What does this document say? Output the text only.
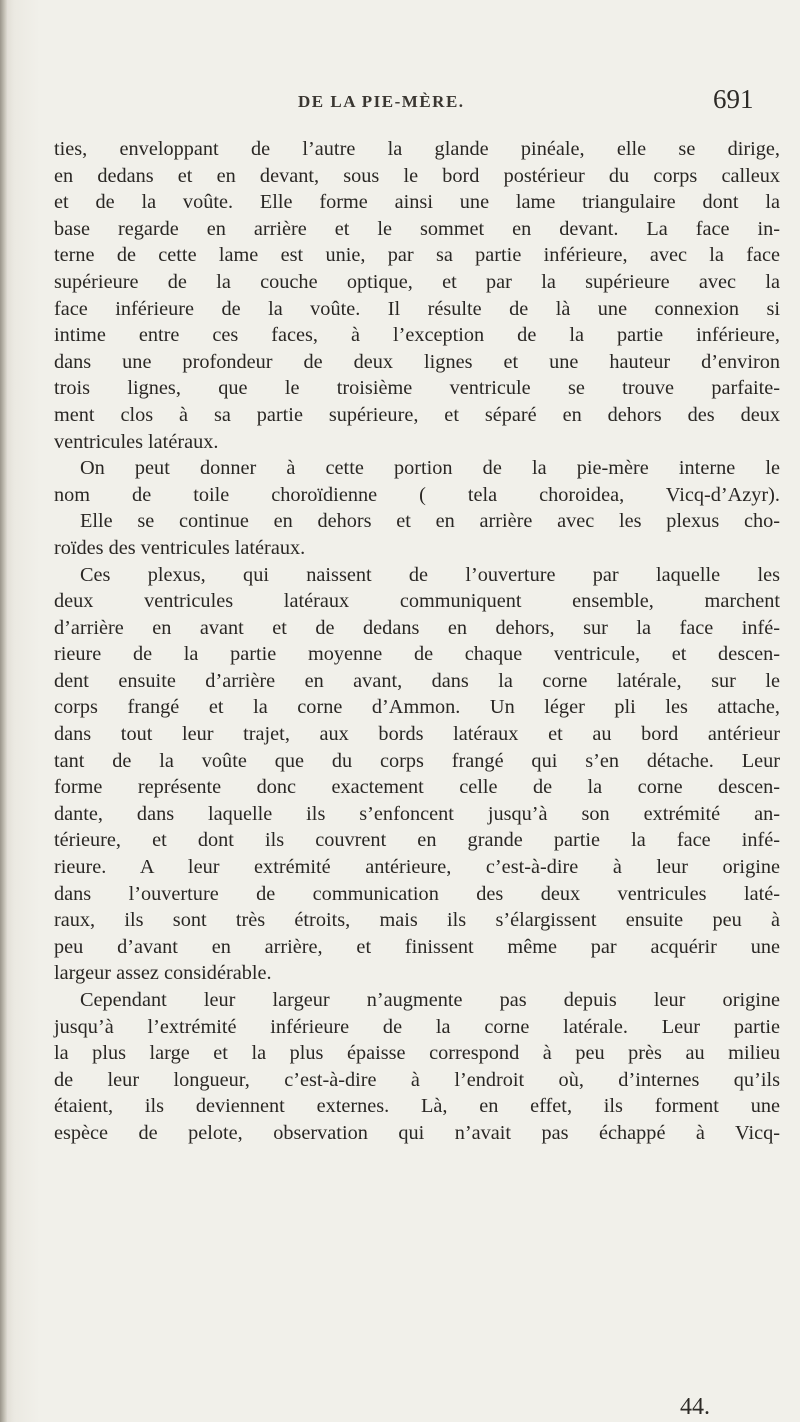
DE LA PIE-MÈRE.	691
ties, enveloppant de l’autre la glande pinéale, elle se dirige,
en dedans et en devant, sous le bord postérieur du corps calleux
et de la voûte. Elle forme ainsi une lame triangulaire dont la
base regarde en arrière et le sommet en devant. La face in-
terne de cette lame est unie, par sa partie inférieure, avec la face
supérieure de la couche optique, et par la supérieure avec la
face inférieure de la voûte. Il résulte de là une connexion si
intime entre ces faces, à l’exception de la partie inférieure,
dans une profondeur de deux lignes et une hauteur d’environ
trois lignes, que le troisième ventricule se trouve parfaite-
ment clos à sa partie supérieure, et séparé en dehors des deux
ventricules latéraux.
On peut donner à cette portion de la pie-mère interne le
nom de toile choroïdienne ( tela choroidea, Vicq-d’Azyr).
Elle se continue en dehors et en arrière avec les plexus cho-
roïdes des ventricules latéraux.
Ces plexus, qui naissent de l’ouverture par laquelle les
deux ventricules latéraux communiquent ensemble, marchent
d’arrière en avant et de dedans en dehors, sur la face infé-
rieure de la partie moyenne de chaque ventricule, et descen-
dent ensuite d’arrière en avant, dans la corne latérale, sur le
corps frangé et la corne d’Ammon. Un léger pli les attache,
dans tout leur trajet, aux bords latéraux et au bord antérieur
tant de la voûte que du corps frangé qui s’en détache. Leur
forme représente donc exactement celle de la corne descen-
dante, dans laquelle ils s’enfoncent jusqu’à son extrémité an-
térieure, et dont ils couvrent en grande partie la face infé-
rieure. A leur extrémité antérieure, c’est-à-dire à leur origine
dans l’ouverture de communication des deux ventricules laté-
raux, ils sont très étroits, mais ils s’élargissent ensuite peu à
peu d’avant en arrière, et finissent même par acquérir une
largeur assez considérable.
Cependant leur largeur n’augmente pas depuis leur origine
jusqu’à l’extrémité inférieure de la corne latérale. Leur partie
la plus large et la plus épaisse correspond à peu près au milieu
de leur longueur, c’est-à-dire à l’endroit où, d’internes qu’ils
étaient, ils deviennent externes. Là, en effet, ils forment une
espèce de pelote, observation qui n’avait pas échappé à Vicq-
44.
